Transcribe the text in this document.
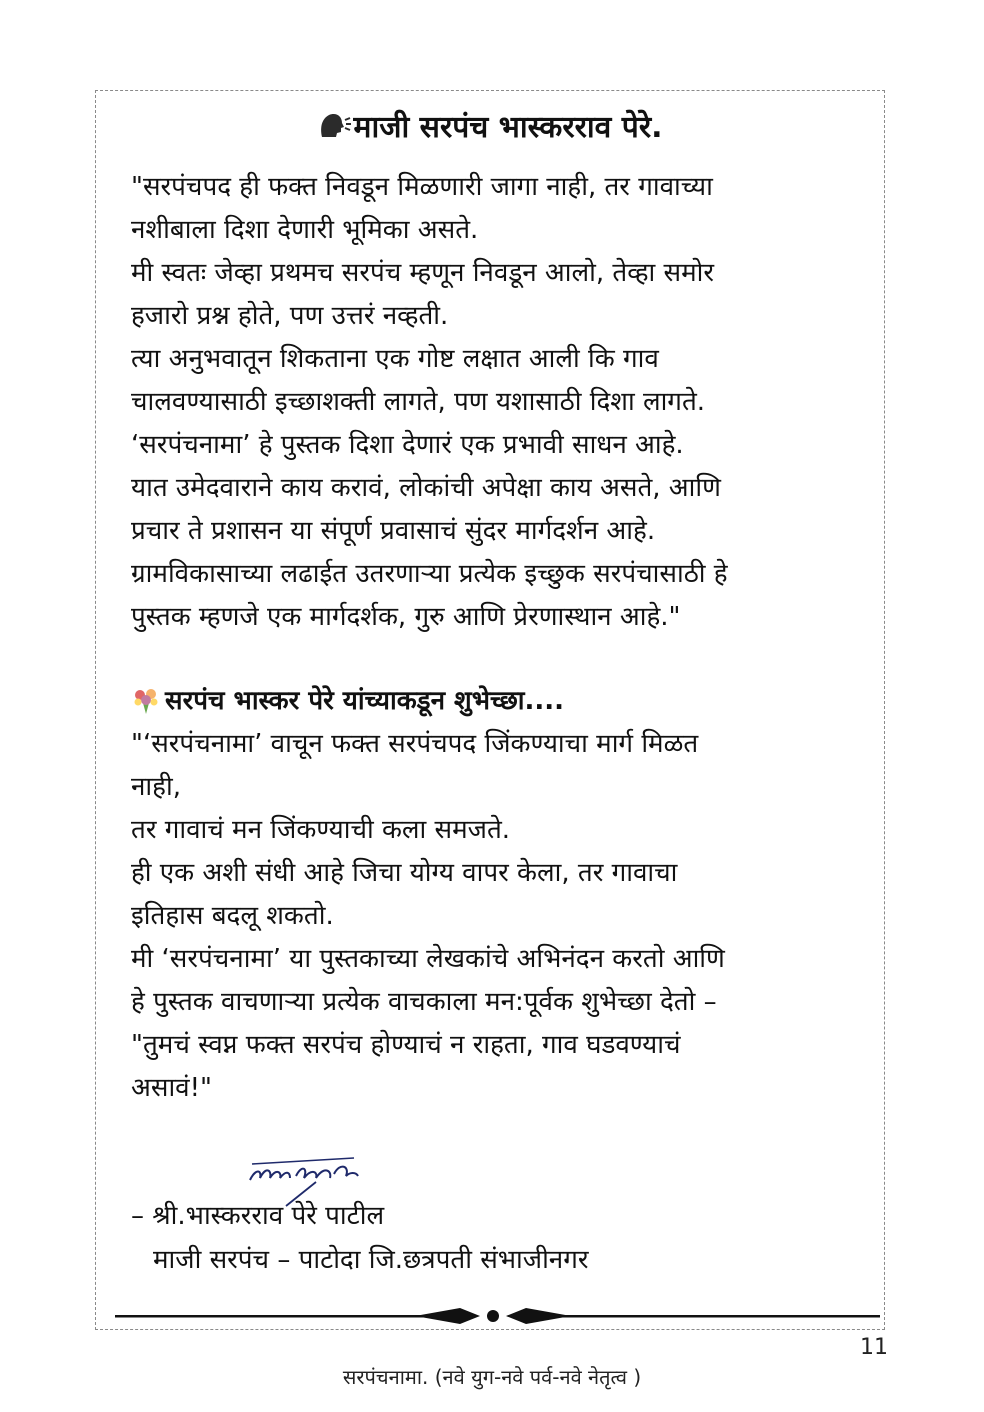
माजी सरपंच भास्करराव पेरे.

"सरपंचपद ही फक्त निवडून मिळणारी जागा नाही, तर गावाच्या

नशीबाला दिशा देणारी भूमिका असते.

मी स्वतः जेव्हा प्रथमच सरपंच म्हणून निवडून आलो, तेव्हा समोर

हजारो प्रश्न होते, पण उत्तरं नव्हती.

त्या अनुभवातून शिकताना एक गोष्ट लक्षात आली कि गाव

चालवण्यासाठी इच्छाशक्ती लागते, पण यशासाठी दिशा लागते.

‘सरपंचनामा’ हे पुस्तक दिशा देणारं एक प्रभावी साधन आहे.

यात उमेदवाराने काय करावं, लोकांची अपेक्षा काय असते, आणि

प्रचार ते प्रशासन या संपूर्ण प्रवासाचं सुंदर मार्गदर्शन आहे.

ग्रामविकासाच्या लढाईत उतरणाऱ्या प्रत्येक इच्छुक सरपंचासाठी हे

पुस्तक म्हणजे एक मार्गदर्शक, गुरु आणि प्रेरणास्थान आहे."

सरपंच भास्कर पेरे यांच्याकडून शुभेच्छा....

"‘सरपंचनामा’ वाचून फक्त सरपंचपद जिंकण्याचा मार्ग मिळत

नाही,

तर गावाचं मन जिंकण्याची कला समजते.

ही एक अशी संधी आहे जिचा योग्य वापर केला, तर गावाचा

इतिहास बदलू शकतो.

मी ‘सरपंचनामा’ या पुस्तकाच्या लेखकांचे अभिनंदन करतो आणि

हे पुस्तक वाचणाऱ्या प्रत्येक वाचकाला मन:पूर्वक शुभेच्छा देतो –

"तुमचं स्वप्न फक्त सरपंच होण्याचं न राहता, गाव घडवण्याचं

असावं!"

– श्री.भास्करराव पेरे पाटील
माजी सरपंच – पाटोदा जि.छत्रपती संभाजीनगर
11
सरपंचनामा. (नवे युग-नवे पर्व-नवे नेतृत्व )
